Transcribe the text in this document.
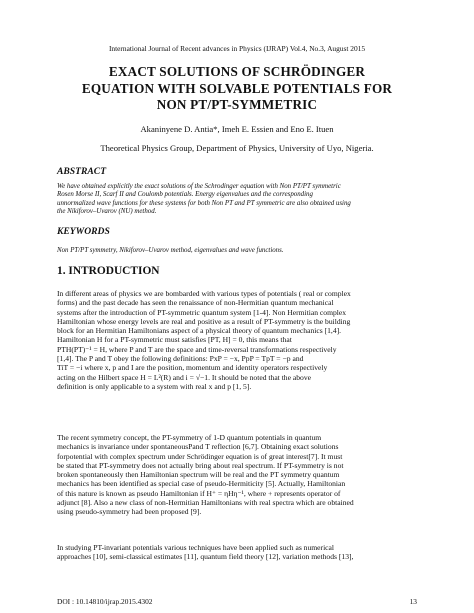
International Journal of Recent advances in Physics (IJRAP) Vol.4, No.3, August 2015
EXACT SOLUTIONS OF SCHRÖDINGER
EQUATION WITH SOLVABLE POTENTIALS FOR
NON PT/PT-SYMMETRIC
Akaninyene D. Antia*, Imeh E. Essien and Eno E. Ituen
Theoretical Physics Group, Department of Physics, University of Uyo, Nigeria.
ABSTRACT
We have obtained explicitly the exact solutions of the Schrodinger equation with Non PT/PT symmetric
Rosen Morse II, Scarf II and Coulomb potentials. Energy eigenvalues and the corresponding
unnormalized wave functions for these systems for both Non PT and PT symmetric are also obtained using
the Nikiforov–Uvarov (NU) method.
KEYWORDS
Non PT/PT symmetry, Nikiforov–Uvarov method, eigenvalues and wave functions.
1. INTRODUCTION
In different areas of physics we are bombarded with various types of potentials ( real or complex
forms) and the past decade has seen the renaissance of non-Hermitian quantum mechanical
systems after the introduction of PT-symmetric quantum system [1-4]. Non Hermitian complex
Hamiltonian whose energy levels are real and positive as a result of PT-symmetry is the building
block for an Hermitian Hamiltonians aspect of a physical theory of quantum mechanics [1,4].
Hamiltonian H for a PT-symmetric must satisfies [PT, H] = 0, this means that
PTH(PT)⁻¹ = H, where P and T are the space and time-reversal transformations respectively
[1,4]. The P and T obey the following definitions: PxP = −x, PpP = TpT = −p and
TiT = −i where x, p and I are the position, momentum and identity operators respectively
acting on the Hilbert space H = L²(R) and i = √−1. It should be noted that the above
definition is only applicable to a system with real x and p [1, 5].
The recent symmetry concept, the PT-symmetry of 1-D quantum potentials in quantum
mechanics is invariance under spontaneousPand T reflection [6,7]. Obtaining exact solutions
forpotential with complex spectrum under Schrödinger equation is of great interest[7]. It must
be stated that PT-symmetry does not actually bring about real spectrum. If PT-symmetry is not
broken spontaneously then Hamiltonian spectrum will be real and the PT symmetry quantum
mechanics has been identified as special case of pseudo-Hermiticity [5]. Actually, Hamiltonian
of this nature is known as pseudo Hamiltonian if H⁺ = ηHη⁻¹, where + represents operator of
adjunct [8]. Also a new class of non-Hermitian Hamiltonians with real spectra which are obtained
using pseudo-symmetry had been proposed [9].
In studying PT-invariant potentials various techniques have been applied such as numerical
approaches [10], semi-classical estimates [11], quantum field theory [12], variation methods [13],
DOI : 10.14810/ijrap.2015.4302	13
